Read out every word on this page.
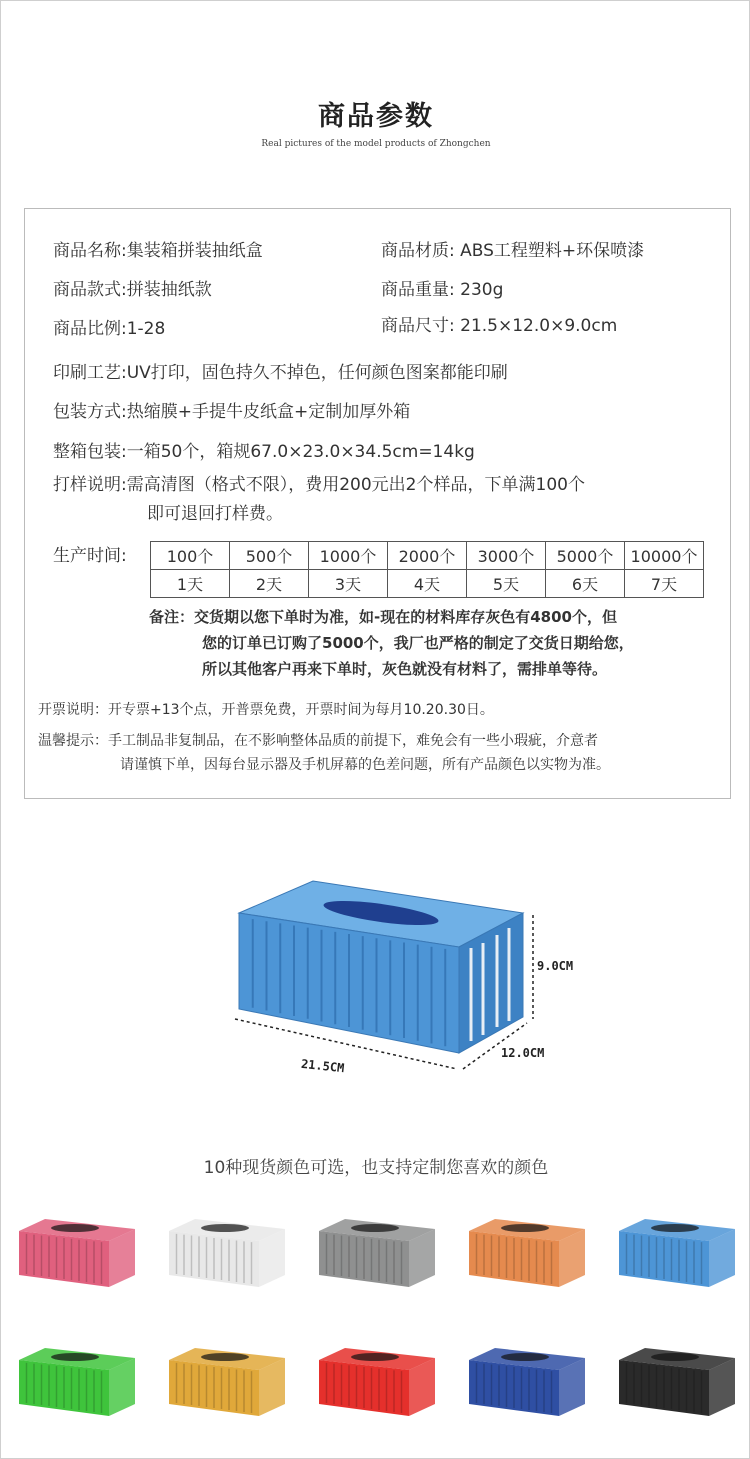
商品参数
Real pictures of the model products of Zhongchen
商品名称:集装箱拼装抽纸盒	商品材质: ABS工程塑料+环保喷漆
商品款式:拼装抽纸款	商品重量: 230g
商品比例:1-28	商品尺寸: 21.5×12.0×9.0cm
印刷工艺:UV打印，固色持久不掉色，任何颜色图案都能印刷
包装方式:热缩膜+手提牛皮纸盒+定制加厚外箱
整箱包装:一箱50个，箱规67.0×23.0×34.5cm=14kg
打样说明:需高清图（格式不限），费用200元出2个样品，下单满100个
即可退回打样费。
生产时间: 100个	500个	1000个	2000个	3000个	5000个	10000个
1天	2天	3天	4天	5天	6天	7天
备注：交货期以您下单时为准，如-现在的材料库存灰色有4800个，但
您的订单已订购了5000个，我厂也严格的制定了交货日期给您，
所以其他客户再来下单时，灰色就没有材料了，需排单等待。
开票说明：开专票+13个点，开普票免费，开票时间为每月10.20.30日。
温馨提示：手工制品非复制品，在不影响整体品质的前提下，难免会有一些小瑕疵，介意者
请谨慎下单，因每台显示器及手机屏幕的色差问题，所有产品颜色以实物为准。
9.0CM
12.0CM
21.5CM
10种现货颜色可选，也支持定制您喜欢的颜色
